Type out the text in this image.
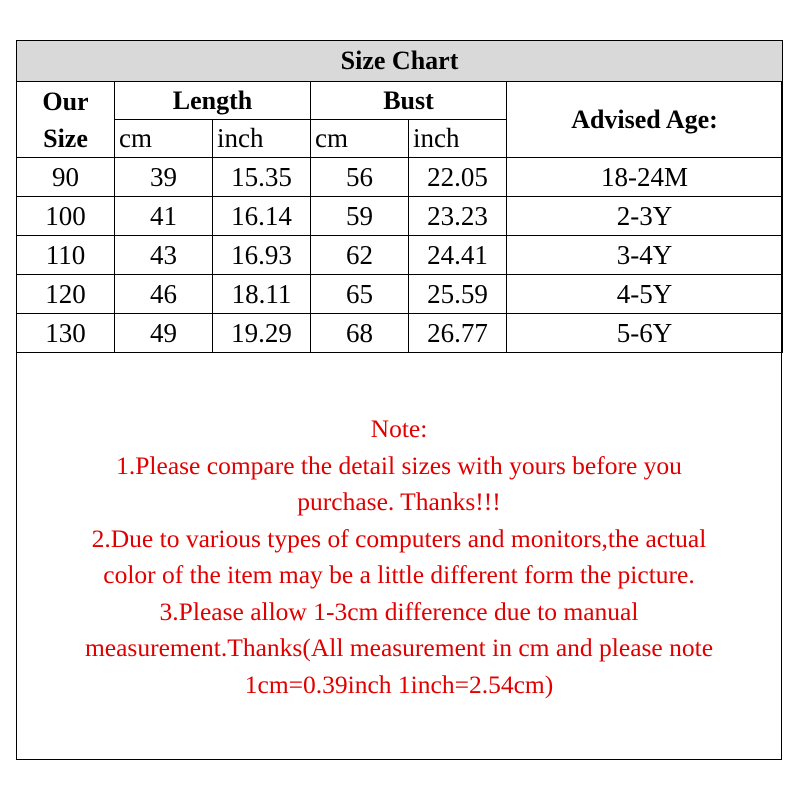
Size Chart					

Our
Size	Length		Bust		Advised Age:
	cm	inch	cm	inch	
90	39	15.35	56	22.05	18-24M
100	41	16.14	59	23.23	2-3Y
110	43	16.93	62	24.41	3-4Y
120	46	18.11	65	25.59	4-5Y
130	49	19.29	68	26.77	5-6Y
Note:
1.Please compare the detail sizes with yours before you
purchase. Thanks!!!
2.Due to various types of computers and monitors,the actual
color of the item may be a little different form the picture.
3.Please allow 1-3cm difference due to manual
measurement.Thanks(All measurement in cm and please note
1cm=0.39inch 1inch=2.54cm)
